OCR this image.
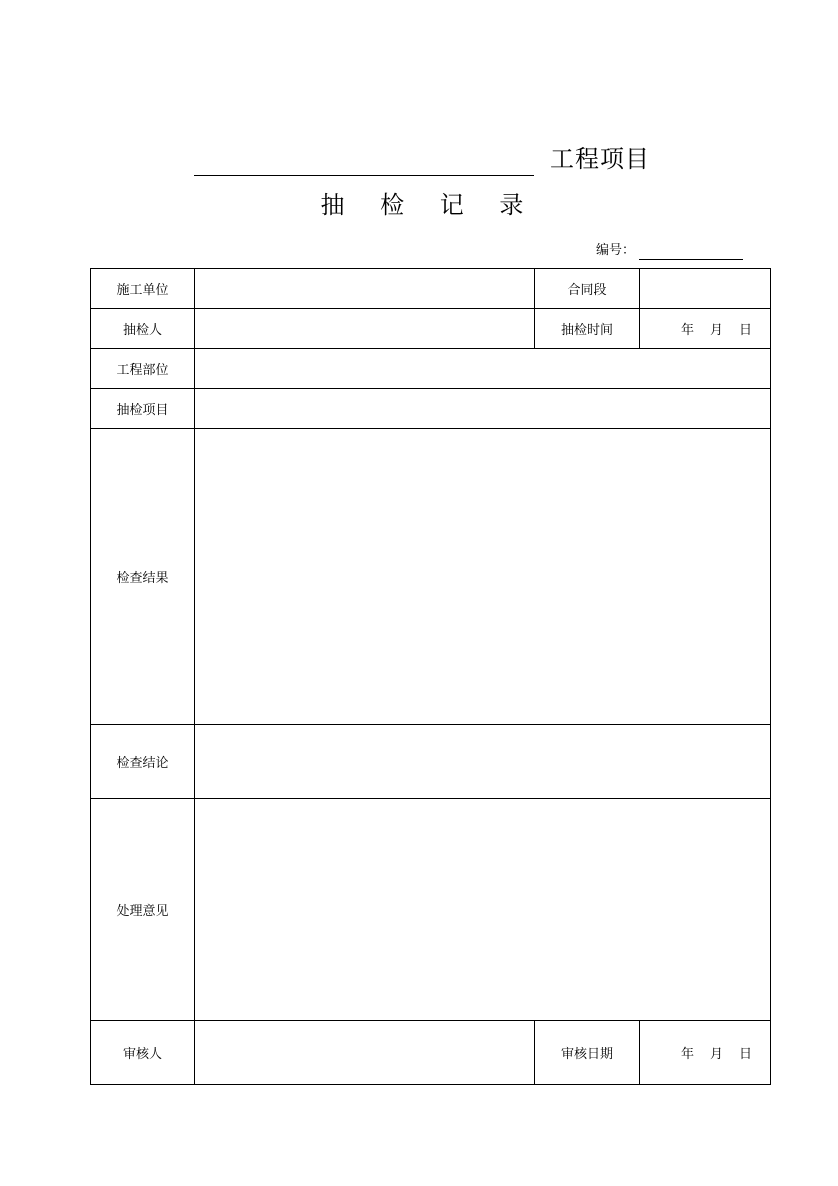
工程项目
抽 检 记 录
编号：
施工单位		合同段	
抽检人		抽检时间	年 月 日
工程部位			
抽检项目			
检查结果			
检查结论			
处理意见			
审核人		审核日期	年 月 日
